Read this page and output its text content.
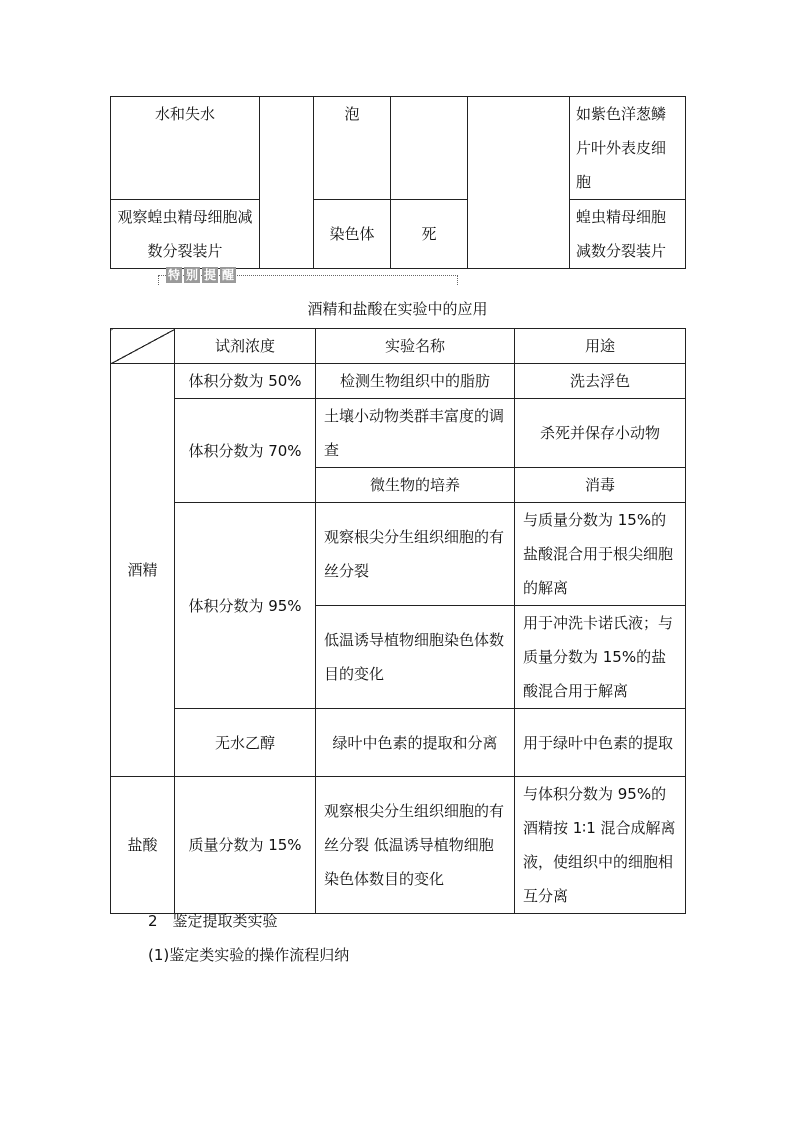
水和失水		泡			如紫色洋葱鳞片叶外表皮细胞
观察蝗虫精母细胞减数分裂装片		染色体	死		蝗虫精母细胞减数分裂装片
特 别 提 醒
酒精和盐酸在实验中的应用
	试剂浓度	实验名称	用途
酒精	体积分数为 50%	检测生物组织中的脂肪	洗去浮色
	体积分数为 70%	土壤小动物类群丰富度的调查	杀死并保存小动物
		微生物的培养	消毒
	体积分数为 95%	观察根尖分生组织细胞的有丝分裂	与质量分数为 15%的盐酸混合用于根尖细胞的解离
		低温诱导植物细胞染色体数目的变化	用于冲洗卡诺氏液；与质量分数为 15%的盐酸混合用于解离
	无水乙醇	绿叶中色素的提取和分离	用于绿叶中色素的提取
盐酸	质量分数为 15%	观察根尖分生组织细胞的有丝分裂 低温诱导植物细胞染色体数目的变化	与体积分数为 95%的酒精按 1∶1 混合成解离液，使组织中的细胞相互分离
2　鉴定提取类实验
(1)鉴定类实验的操作流程归纳
